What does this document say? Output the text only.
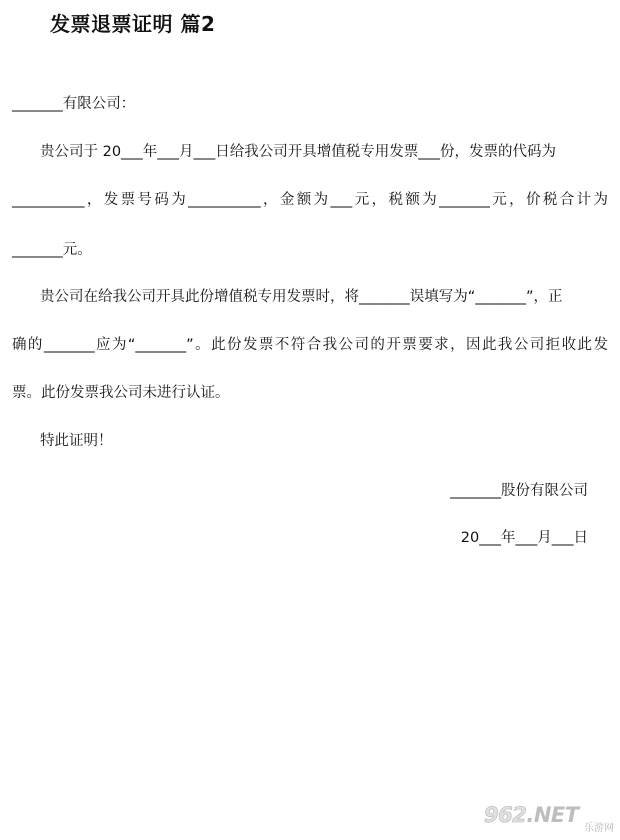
发票退票证明 篇2

_______有限公司：

贵公司于 20___年___月___日给我公司开具增值税专用发票___份，发票的代码为

__________，发票号码为__________，金额为___元，税额为_______元，价税合计为

_______元。

贵公司在给我公司开具此份增值税专用发票时，将_______误填写为“_______”，正

确的_______应为“_______”。此份发票不符合我公司的开票要求，因此我公司拒收此发

票。此份发票我公司未进行认证。

特此证明！

_______股份有限公司

20___年___月___日

962.NET
乐游网
